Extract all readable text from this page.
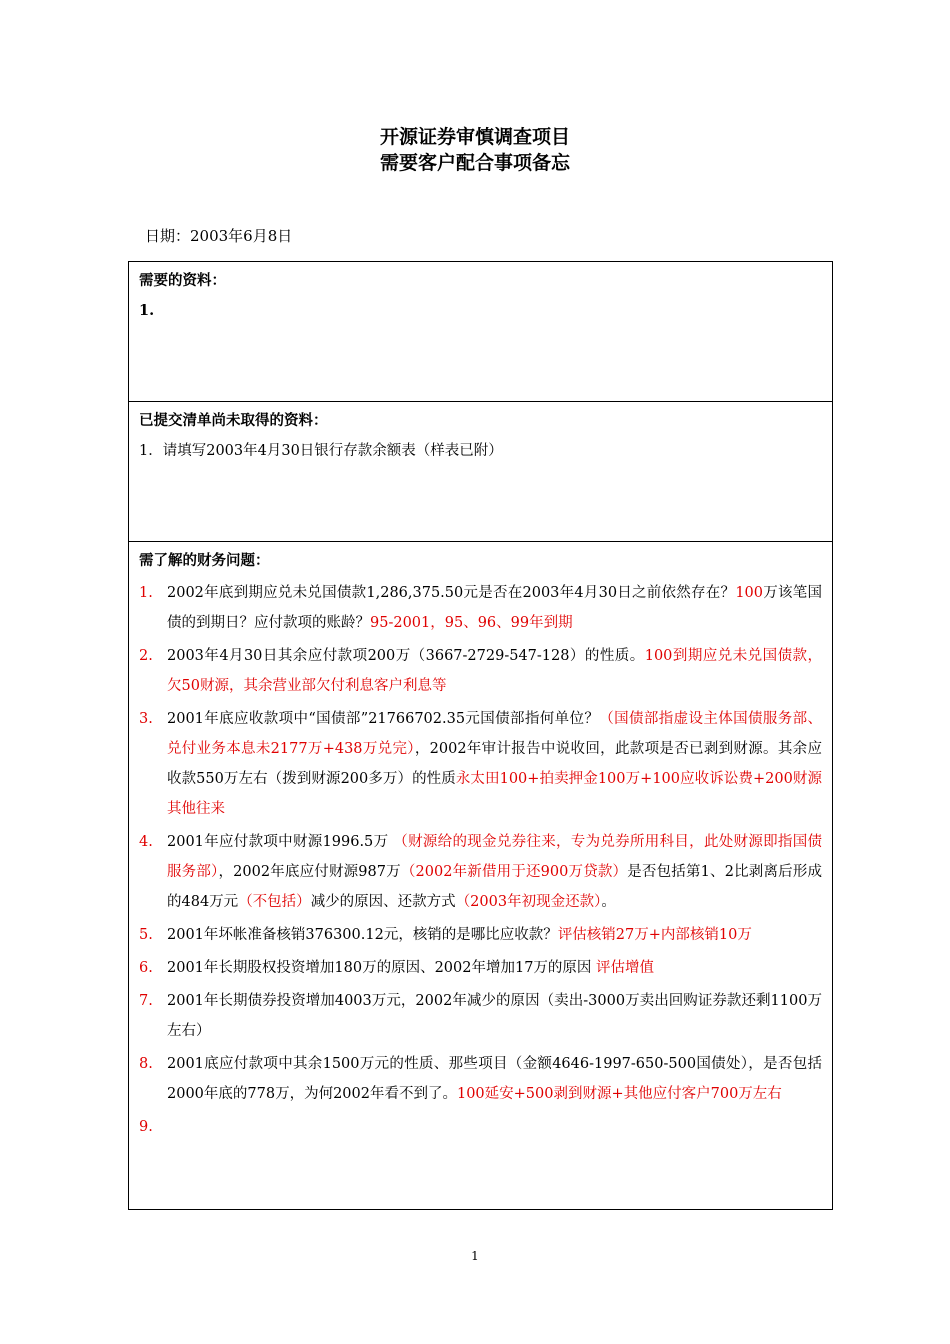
开源证券审慎调查项目
需要客户配合事项备忘
日期：2003年6月8日
需要的资料：
1.
已提交清单尚未取得的资料：
1．请填写2003年4月30日银行存款余额表（样表已附）
需了解的财务问题：
1. 2002年底到期应兑未兑国债款1,286,375.50元是否在2003年4月30日之前依然存在？100万该笔国债的到期日？应付款项的账龄？95-2001，95、96、99年到期
2. 2003年4月30日其余应付款项200万（3667-2729-547-128）的性质。100到期应兑未兑国债款，欠50财源，其余营业部欠付利息客户利息等
3. 2001年底应收款项中“国债部”21766702.35元国债部指何单位？（国债部指虚设主体国债服务部、兑付业务本息未2177万+438万兑完），2002年审计报告中说收回，此款项是否已剥到财源。其余应收款550万左右（拨到财源200多万）的性质永太田100+拍卖押金100万+100应收诉讼费+200财源其他往来
4. 2001年应付款项中财源1996.5万 （财源给的现金兑券往来，专为兑券所用科目，此处财源即指国债服务部），2002年底应付财源987万（2002年新借用于还900万贷款）是否包括第1、2比剥离后形成的484万元（不包括）减少的原因、还款方式（2003年初现金还款）。
5. 2001年坏帐准备核销376300.12元，核销的是哪比应收款？评估核销27万+内部核销10万
6. 2001年长期股权投资增加180万的原因、2002年增加17万的原因 评估增值
7. 2001年长期债券投资增加4003万元，2002年减少的原因（卖出-3000万卖出回购证券款还剩1100万左右）
8. 2001底应付款项中其余1500万元的性质、那些项目（金额4646-1997-650-500国债处），是否包括2000年底的778万，为何2002年看不到了。100延安+500剥到财源+其他应付客户700万左右
9.
1
